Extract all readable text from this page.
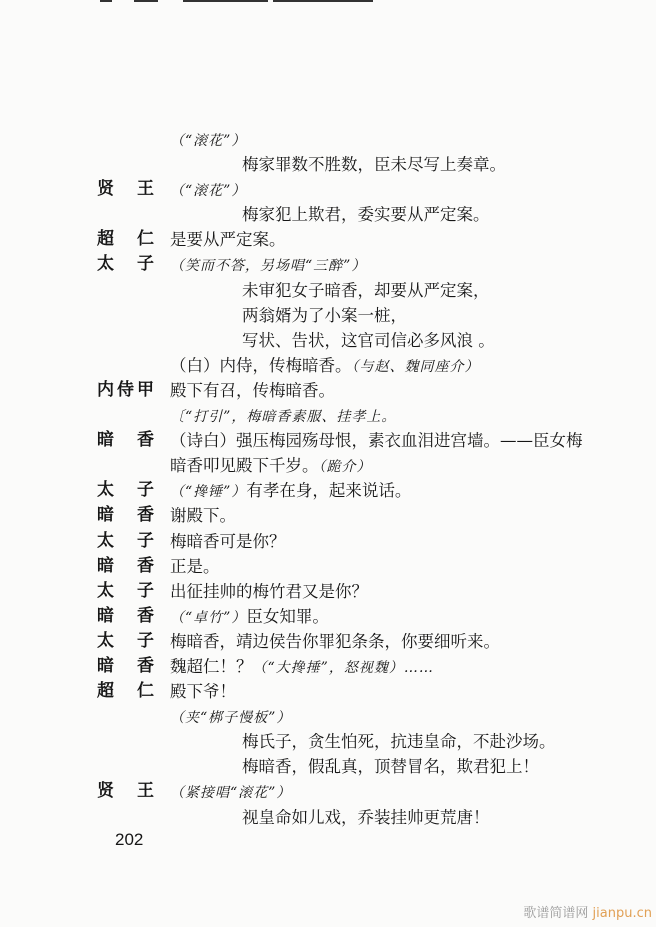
（“滚花”）
梅家罪数不胜数，臣未尽写上奏章。
贤王 （“滚花”）
梅家犯上欺君，委实要从严定案。
超仁 是要从严定案。
太子 （笑而不答，另场唱“三醉”）
未审犯女子暗香，却要从严定案，
两翁婿为了小案一桩，
写状、告状，这官司信必多风浪 。
（白）内侍，传梅暗香。（与赵、魏同座介）
内侍甲 殿下有召，传梅暗香。
〔“打引”，梅暗香素服、挂孝上。
暗香 （诗白）强压梅园殇母恨，素衣血泪进宫墙。——臣女梅
暗香叩见殿下千岁。（跪介）
太子 （“搀锤”）有孝在身，起来说话。
暗香 谢殿下。
太子 梅暗香可是你？
暗香 正是。
太子 出征挂帅的梅竹君又是你？
暗香 （“卓竹”）臣女知罪。
太子 梅暗香，靖边侯告你罪犯条条，你要细听来。
暗香 魏超仁！？（“大搀捶”，怒视魏）……
超仁 殿下爷！
（夹“梆子慢板”）
梅氏子，贪生怕死，抗违皇命，不赴沙场。
梅暗香，假乱真，顶替冒名，欺君犯上！
贤王 （紧接唱“滚花”）
视皇命如儿戏，乔装挂帅更荒唐！
202
歌谱简谱网 jianpu.cn
